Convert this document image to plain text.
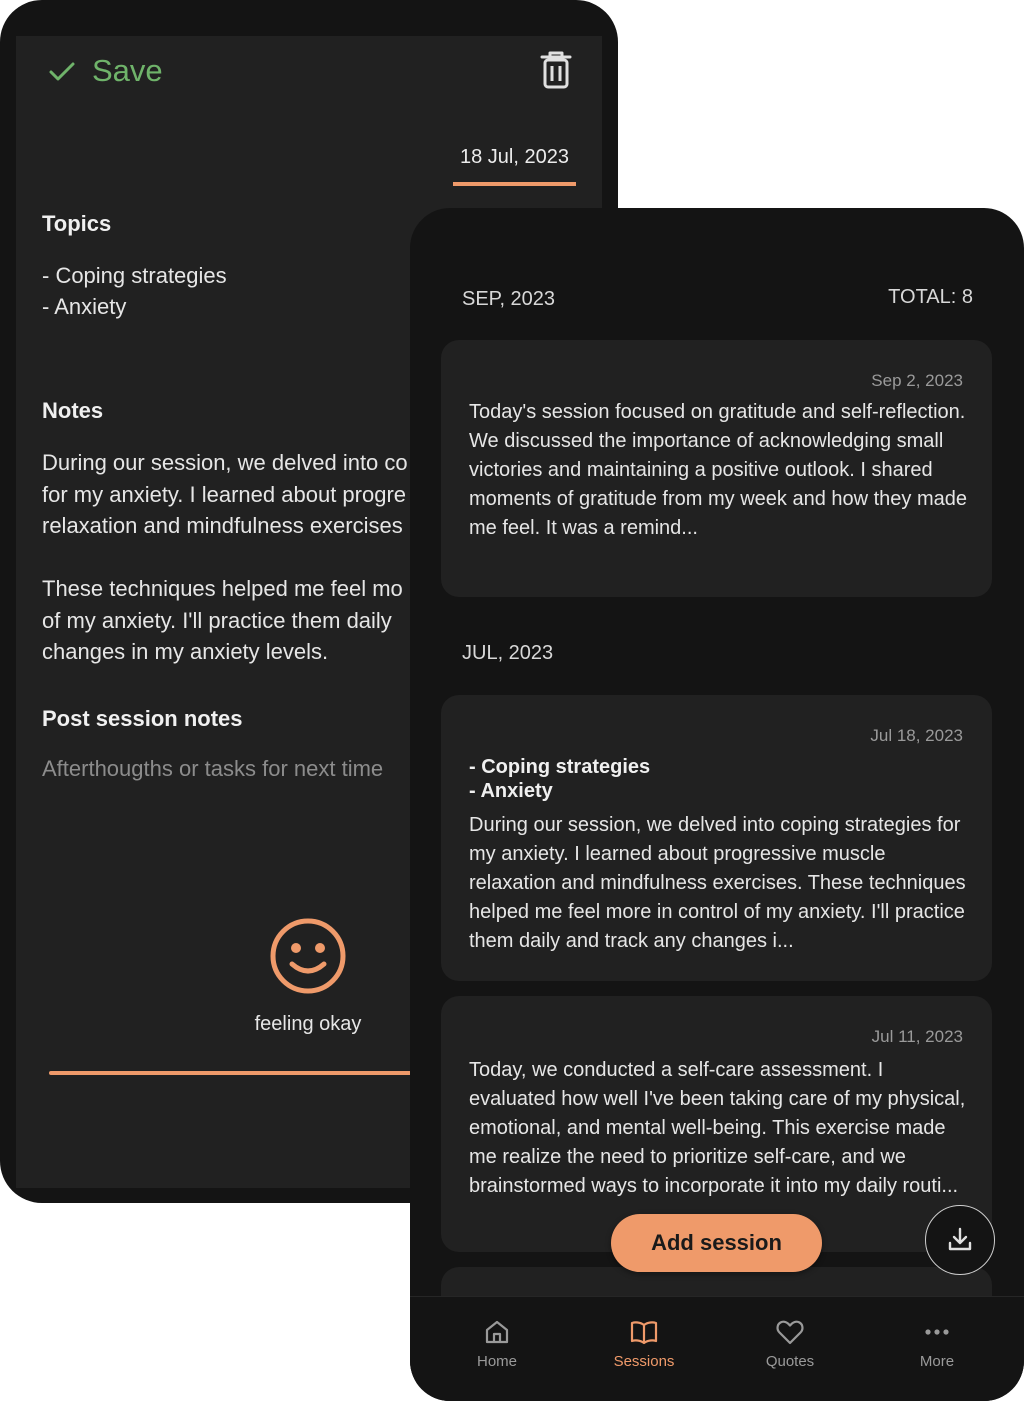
Save
18 Jul, 2023
Topics
- Coping strategies
- Anxiety
Notes
During our session, we delved into co
for my anxiety. I learned about progre
relaxation and mindfulness exercises

These techniques helped me feel mo
of my anxiety. I'll practice them daily
changes in my anxiety levels.
Post session notes
Afterthougths or tasks for next time
feeling okay
SEP, 2023	TOTAL: 8
Sep 2, 2023
Today's session focused on gratitude and self-reflection. We discussed the importance of acknowledging small victories and maintaining a positive outlook. I shared moments of gratitude from my week and how they made me feel. It was a remind...
JUL, 2023
Jul 18, 2023
- Coping strategies
- Anxiety
During our session, we delved into coping strategies for my anxiety. I learned about progressive muscle relaxation and mindfulness exercises. These techniques helped me feel more in control of my anxiety. I'll practice them daily and track any changes i...
Jul 11, 2023
Today, we conducted a self-care assessment. I evaluated how well I've been taking care of my physical, emotional, and mental well-being. This exercise made me realize the need to prioritize self-care, and we brainstormed ways to incorporate it into my daily routi...
Add session
Home	Sessions	Quotes	More
